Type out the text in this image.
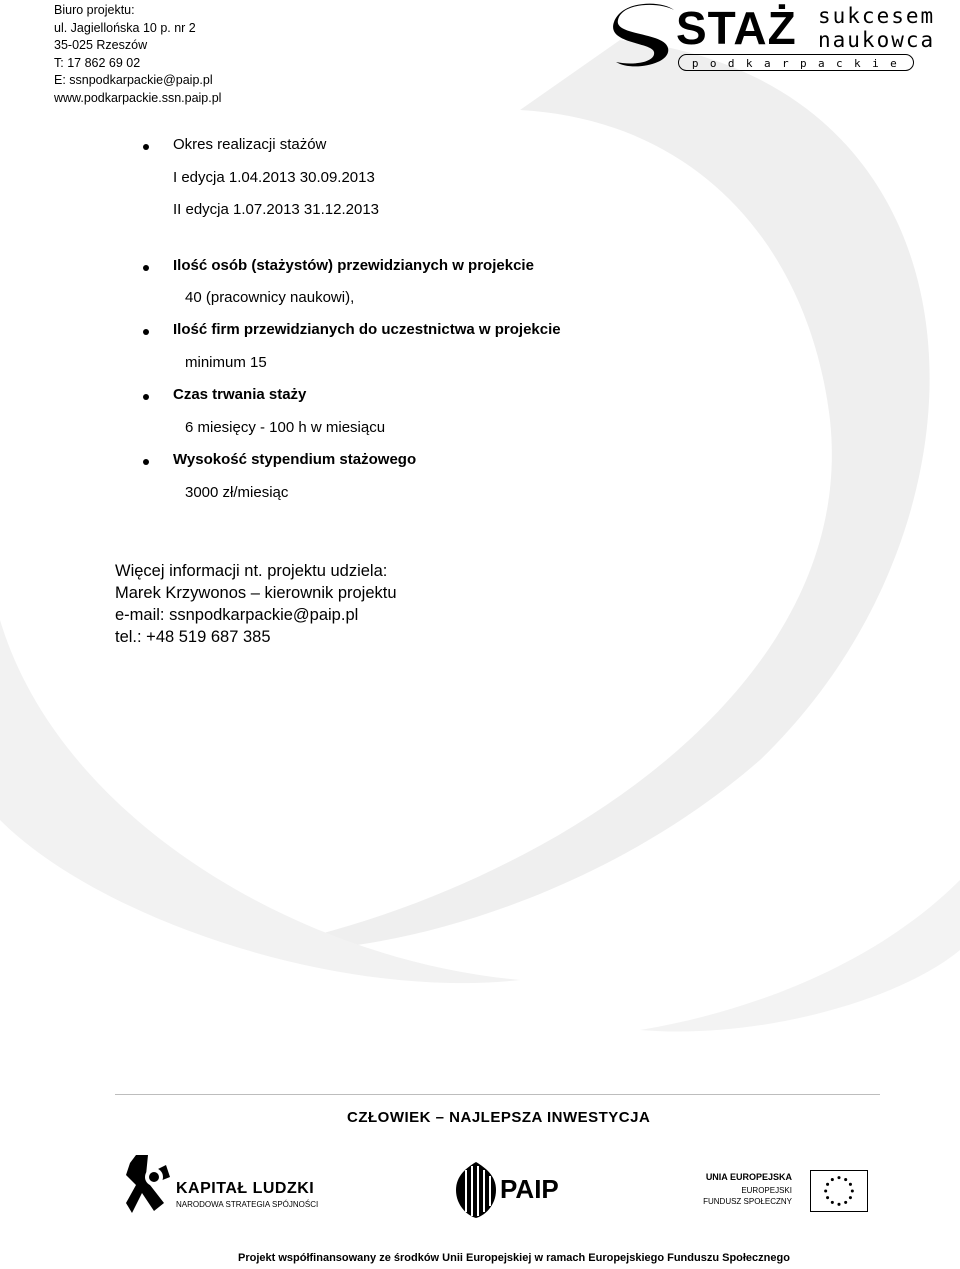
Biuro projektu:
ul. Jagiellońska 10 p. nr 2
35-025 Rzeszów
T: 17 862 69 02
E: ssnpodkarpackie@paip.pl
www.podkarpackie.ssn.paip.pl
STAŻ sukcesem
naukowca
podkarpackie
Okres realizacji stażów
I edycja 1.04.2013 30.09.2013
II edycja 1.07.2013 31.12.2013
Ilość osób (stażystów) przewidzianych w projekcie
40 (pracownicy naukowi),
Ilość firm przewidzianych do uczestnictwa w projekcie
minimum 15
Czas trwania staży
6 miesięcy - 100 h w miesiącu
Wysokość stypendium stażowego
3000 zł/miesiąc
Więcej informacji nt. projektu udziela:
Marek Krzywonos – kierownik projektu
e-mail: ssnpodkarpackie@paip.pl
tel.: +48 519 687 385
CZŁOWIEK – NAJLEPSZA INWESTYCJA
KAPITAŁ LUDZKI
NARODOWA STRATEGIA SPÓJNOŚCI
PAIP	UNIA EUROPEJSKA
EUROPEJSKI
FUNDUSZ SPOŁECZNY
Projekt współfinansowany ze środków Unii Europejskiej w ramach Europejskiego Funduszu Społecznego
